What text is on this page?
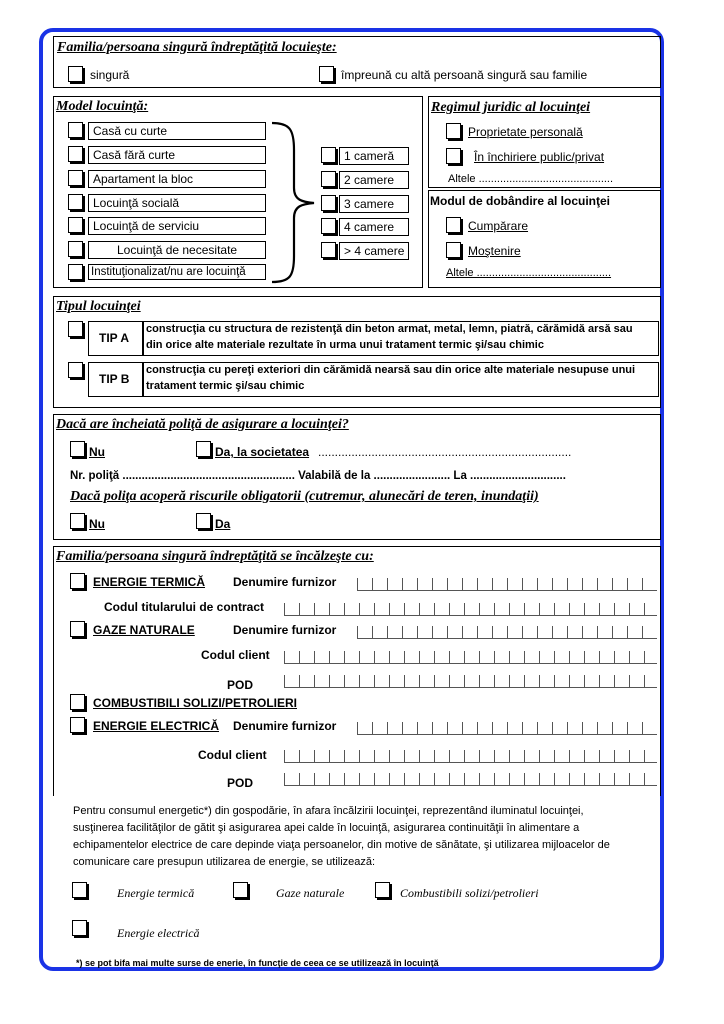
Familia/persoana singură îndreptăţită locuieşte:
singură	împreună cu altă persoană singură sau familie
Model locuinţă:
Casă cu curte
Casă fără curte
Apartament la bloc
Locuinţă socială
Locuinţă de serviciu
Locuinţă de necesitate
Instituţionalizat/nu are locuinţă
1 cameră
2 camere
3 camere
4 camere
> 4 camere
Regimul juridic al locuinţei
Proprietate personală
În închiriere public/privat
Altele ............................................
Modul de dobândire al locuinţei
Cumpărare
Moştenire
Altele ............................................
Tipul locuinţei
TIP A
construcţia cu structura de rezistenţă din beton armat, metal, lemn, piatră, cărămidă arsă sau
din orice alte materiale rezultate în urma unui tratament termic şi/sau chimic
TIP B
construcţia cu pereţi exteriori din cărămidă nearsă sau din orice alte materiale nesupuse unui
tratament termic şi/sau chimic
Dacă are încheiată poliţă de asigurare a locuinţei?
Nu	Da, la societatea ............................................................................
Nr. poliţă ...................................................... Valabilă de la ........................ La ..............................
Dacă poliţa acoperă riscurile obligatorii (cutremur, alunecări de teren, inundaţii)
Nu	Da
Familia/persoana singură îndreptăţită se încălzeşte cu:
ENERGIE TERMICĂ Denumire furnizor
Codul titularului de contract
GAZE NATURALE	Denumire furnizor
Codul client
POD
COMBUSTIBILI SOLIZI/PETROLIERI
ENERGIE ELECTRICĂ Denumire furnizor
Codul client
POD
Pentru consumul energetic*) din gospodărie, în afara încălzirii locuinţei, reprezentând iluminatul locuinţei,
susţinerea facilităţilor de gătit şi asigurarea apei calde în locuinţă, asigurarea continuităţii în alimentare a
echipamentelor electrice de care depinde viaţa persoanelor, din motive de sănătate, şi utilizarea mijloacelor de
comunicare care presupun utilizarea de energie, se utilizează:
Energie termică	Gaze naturale	Combustibili solizi/petrolieri
Energie electrică
*) se pot bifa mai multe surse de enerie, în funcţie de ceea ce se utilizează în locuinţă
